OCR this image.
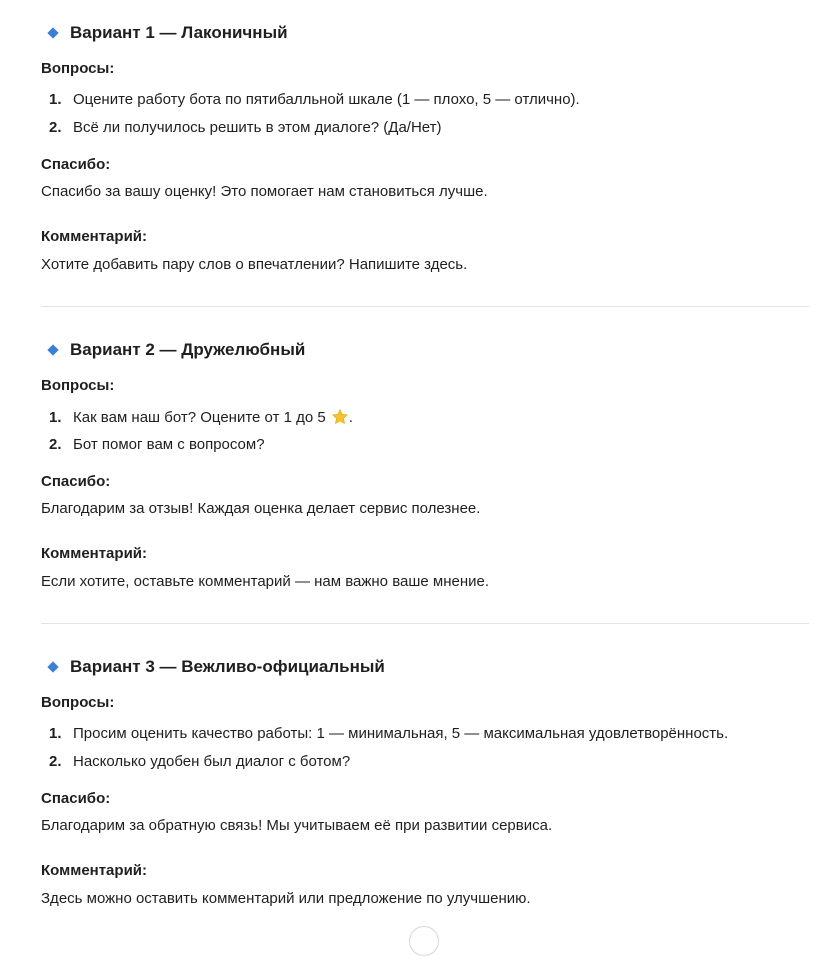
Вариант 1 — Лаконичный
Вопросы:
1. Оцените работу бота по пятибалльной шкале (1 — плохо, 5 — отлично).
2. Всё ли получилось решить в этом диалоге? (Да/Нет)
Спасибо:
Спасибо за вашу оценку! Это помогает нам становиться лучше.
Комментарий:
Хотите добавить пару слов о впечатлении? Напишите здесь.
Вариант 2 — Дружелюбный
Вопросы:
1. Как вам наш бот? Оцените от 1 до 5 .
2. Бот помог вам с вопросом?
Спасибо:
Благодарим за отзыв! Каждая оценка делает сервис полезнее.
Комментарий:
Если хотите, оставьте комментарий — нам важно ваше мнение.
Вариант 3 — Вежливо-официальный
Вопросы:
1. Просим оценить качество работы: 1 — минимальная, 5 — максимальная удовлетворённость.
2. Насколько удобен был диалог с ботом?
Спасибо:
Благодарим за обратную связь! Мы учитываем её при развитии сервиса.
Комментарий:
Здесь можно оставить комментарий или предложение по улучшению.
